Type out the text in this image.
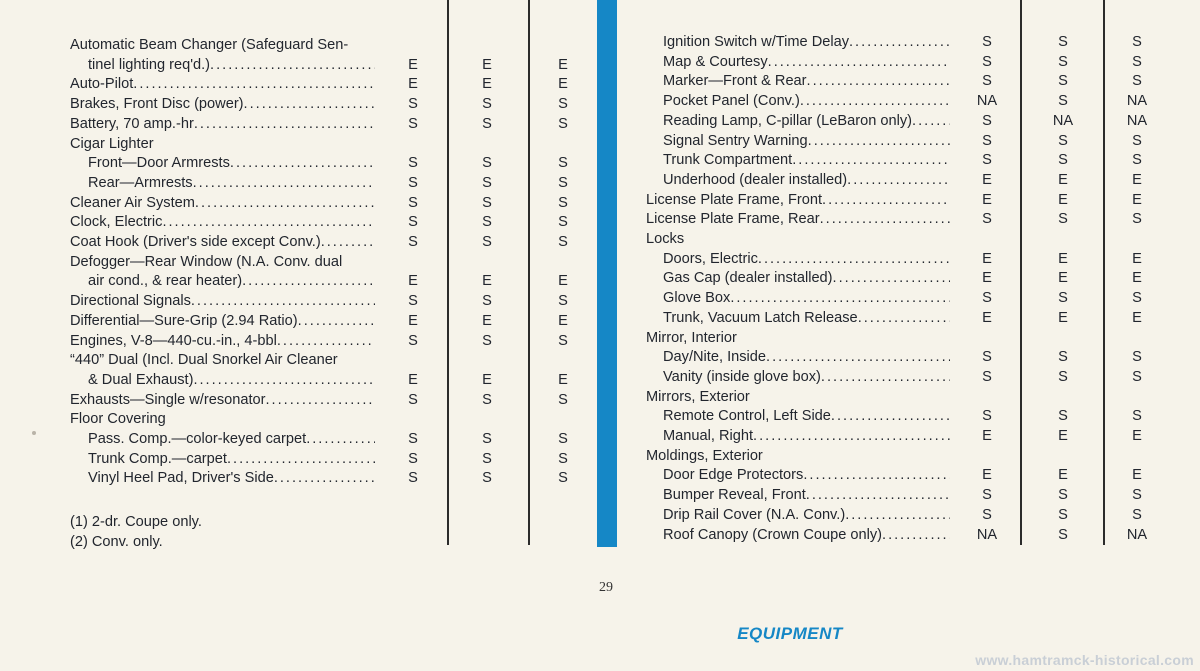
Automatic Beam Changer (Safeguard Sen-
tinel lighting req'd.) .....	E	E	E
Auto-Pilot .....	E	E	E
Brakes, Front Disc (power) .....	S	S	S
Battery, 70 amp.-hr .....	S	S	S
Cigar Lighter
Front—Door Armrests .....	S	S	S
Rear—Armrests .....	S	S	S
Cleaner Air System .....	S	S	S
Clock, Electric .....	S	S	S
Coat Hook (Driver's side except Conv.) .....	S	S	S
Defogger—Rear Window (N.A. Conv. dual
air cond., & rear heater) .....	E	E	E
Directional Signals .....	S	S	S
Differential—Sure-Grip (2.94 Ratio) .....	E	E	E
Engines, V-8—440-cu.-in., 4-bbl .....	S	S	S
“440” Dual (Incl. Dual Snorkel Air Cleaner
& Dual Exhaust) .....	E	E	E
Exhausts—Single w/resonator .....	S	S	S
Floor Covering
Pass. Comp.—color-keyed carpet .....	S	S	S
Trunk Comp.—carpet .....	S	S	S
Vinyl Heel Pad, Driver's Side .....	S	S	S
Ignition Switch w/Time Delay .....	S	S	S
Map & Courtesy .....	S	S	S
Marker—Front & Rear .....	S	S	S
Pocket Panel (Conv.) .....	NA	S	NA
Reading Lamp, C-pillar (LeBaron only) .....	S	NA	NA
Signal Sentry Warning .....	S	S	S
Trunk Compartment .....	S	S	S
Underhood (dealer installed) .....	E	E	E
License Plate Frame, Front .....	E	E	E
License Plate Frame, Rear .....	S	S	S
Locks
Doors, Electric .....	E	E	E
Gas Cap (dealer installed) .....	E	E	E
Glove Box .....	S	S	S
Trunk, Vacuum Latch Release .....	E	E	E
Mirror, Interior
Day/Nite, Inside .....	S	S	S
Vanity (inside glove box) .....	S	S	S
Mirrors, Exterior
Remote Control, Left Side .....	S	S	S
Manual, Right .....	E	E	E
Moldings, Exterior
Door Edge Protectors .....	E	E	E
Bumper Reveal, Front .....	S	S	S
Drip Rail Cover (N.A. Conv.) .....	S	S	S
Roof Canopy (Crown Coupe only) .....	NA	S	NA
(1) 2-dr. Coupe only.
(2) Conv. only.
29
EQUIPMENT
www.hamtramck-historical.com
